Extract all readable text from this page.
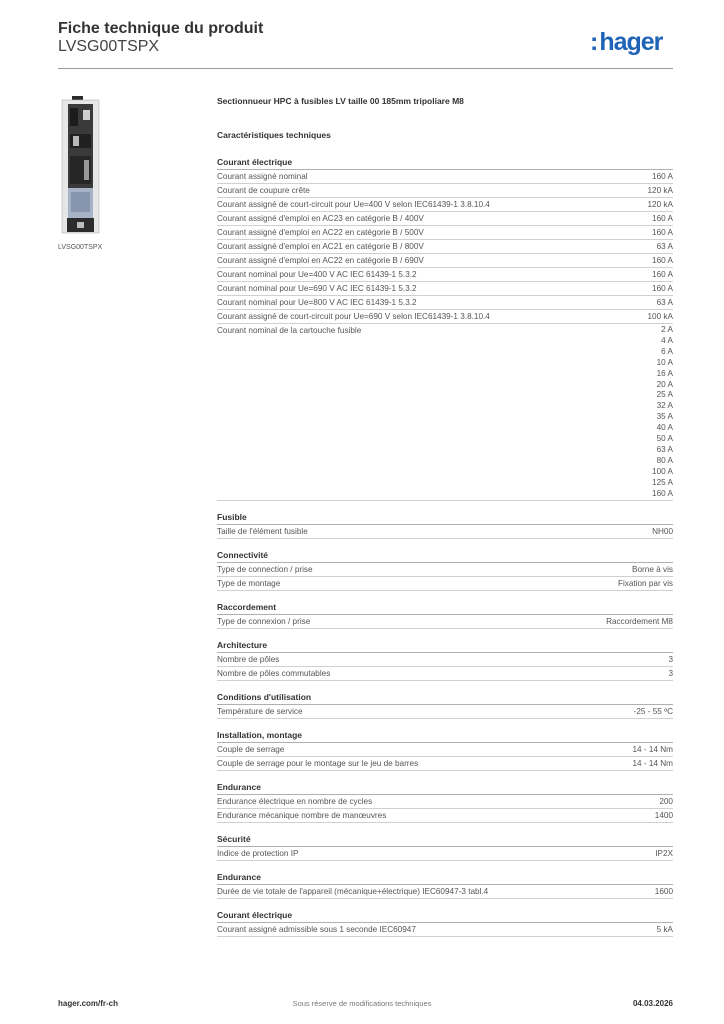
Fiche technique du produit
LVSG00TSPX	:hager
LVSG00TSPX
Sectionnueur HPC à fusibles LV taille 00 185mm tripoliare M8
Caractéristiques techniques
Courant électrique
Courant assigné nominal	160 A
Courant de coupure crête	120 kA
Courant assigné de court-circuit pour Ue=400 V selon IEC61439-1 3.8.10.4	120 kA
Courant assigné d'emploi en AC23 en catégorie B / 400V	160 A
Courant assigné d'emploi en AC22 en catégorie B / 500V	160 A
Courant assigné d'emploi en AC21 en catégorie B / 800V	63 A
Courant assigné d'emploi en AC22 en catégorie B / 690V	160 A
Courant nominal pour Ue=400 V AC IEC 61439-1 5.3.2	160 A
Courant nominal pour Ue=690 V AC IEC 61439-1 5.3.2	160 A
Courant nominal pour Ue=800 V AC IEC 61439-1 5.3.2	63 A
Courant assigné de court-circuit pour Ue=690 V selon IEC61439-1 3.8.10.4	100 kA
Courant nominal de la cartouche fusible	2 A
4 A
6 A
10 A
16 A
20 A
25 A
32 A
35 A
40 A
50 A
63 A
80 A
100 A
125 A
160 A
Fusible
Taille de l'élément fusible	NH00
Connectivité
Type de connection / prise	Borne à vis
Type de montage	Fixation par vis
Raccordement
Type de connexion / prise	Raccordement M8
Architecture
Nombre de pôles	3
Nombre de pôles commutables	3
Conditions d'utilisation
Température de service	-25 - 55 ºC
Installation, montage
Couple de serrage	14 - 14 Nm
Couple de serrage pour le montage sur le jeu de barres	14 - 14 Nm
Endurance
Endurance électrique en nombre de cycles	200
Endurance mécanique nombre de manœuvres	1400
Sécurité
Indice de protection IP	IP2X
Endurance
Durée de vie totale de l'appareil (mécanique+électrique) IEC60947-3 tabl.4	1600
Courant électrique
Courant assigné admissible sous 1 seconde IEC60947	5 kA
hager.com/fr-ch	Sous réserve de modifications techniques	04.03.2026
